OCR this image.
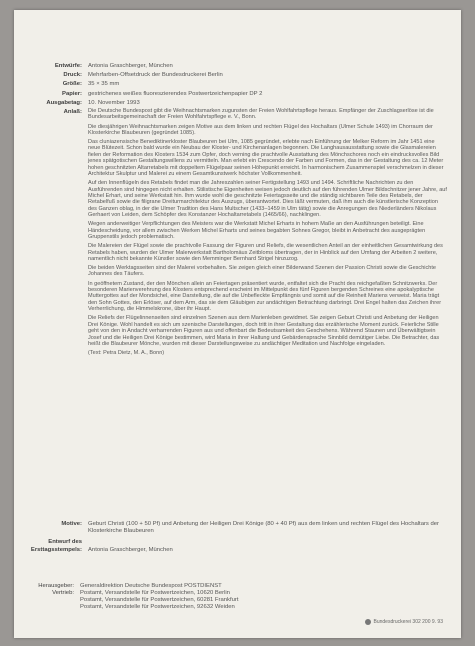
Entwürfe:	Antonia Graschberger, München
Druck:	Mehrfarben-Offsetdruck der Bundesdruckerei Berlin
Größe:	35 × 35 mm
Papier:	gestrichenes weißes fluoreszierendes Postwertzeichenpapier DP 2
Ausgabetag:	10. November 1993
Anlaß:	Die Deutsche Bundespost gibt die Weihnachtsmarken zugunsten der Freien Wohlfahrtspflege heraus. Empfänger der Zuschlagserlöse ist die Bundesarbeitsgemeinschaft der Freien Wohlfahrtspflege e. V., Bonn.

Die diesjährigen Weihnachtsmarken zeigen Motive aus dem linken und rechten Flügel des Hochaltars (Ulmer Schule 1493) im Chorraum der Klosterkirche Blaubeuren (gegründet 1085).

Das cluniazensische Benediktinerkloster Blaubeuren bei Ulm, 1085 gegründet, erlebte nach Einführung der Melker Reform im Jahr 1451 eine neue Blütezeit. Schon bald wurde ein Neubau der Kloster- und Kirchenanlagen begonnen. Die Langhausausstattung sowie die Glasmalereien fielen der Reformation des Klosters 1534 zum Opfer, doch verning die prachtvolle Ausstattung des Mönchschores noch ein eindrucksvolles Bild jenes spätgotischen Gestaltungswillens zu vermitteln. Man erlebt ein Crescendo der Farben und Formen, das in der Gestaltung des ca. 12 Meter hohen geschnitzten Altarretabels mit doppeltem Flügelpaar seinen Höhepunkt erreicht. In harmonischem Zusammenspiel verschmelzen in dieser Architektur Skulptur und Malerei zu einem Gesamtkunstwerk höchster Vollkommenheit.

Auf den Innenflügeln des Retabels findet man die Jahreszahlen seiner Fertigstellung 1493 und 1494. Schriftliche Nachrichten zu den Ausführenden sind hingegen nicht erhalten. Stilistische Eigenheiten weisen jedoch deutlich auf den führenden Ulmer Bildschnitzer jener Jahre, auf Michel Erhart, und seine Werkstatt hin. Ihm wurde wohl die geschnitzte Feiertagsseite und die ständig sichtbaren Teile des Retabels, der Retabelfuß sowie die filigrane Dreiturmarchitektur des Auszugs, überantwortet. Dies läßt vermuten, daß ihm auch die künstlerische Konzeption des Ganzen oblag, in der die Ulmer Tradition des Hans Multscher (1433–1459 in Ulm tätig) sowie die Anregungen des Niederländers Nikolaus Gerhaert von Leiden, dem Schöpfer des Konstanzer Hochaltarretabels (1465/66), nachklingen.

Wegen anderweitiger Verpflichtungen des Meisters war die Werkstatt Michel Erharts in hohem Maße an den Ausführungen beteiligt. Eine Händescheidung, vor allem zwischen Werken Michel Erharts und seines begabten Sohnes Gregor, bleibt in Anbetracht des ausgeprägten Gruppenstils jedoch problematisch.

Die Malereien der Flügel sowie die prachtvolle Fassung der Figuren und Reliefs, die wesentlichen Anteil an der einheitlichen Gesamtwirkung des Retabels haben, wurden der Ulmer Malerwerkstatt Bartholomäus Zeitbloms übertragen, der in Hinblick auf den Umfang der Arbeiten 2 weitere, namentlich nicht bekannte Künstler sowie den Memminger Bernhard Strigel hinzuzog.

Die beiden Werktagsseiten sind der Malerei vorbehalten. Sie zeigen gleich einer Bilderwand Szenen der Passion Christi sowie die Geschichte Johannes des Täufers.

In geöffnetem Zustand, der den Mönchen allein an Feiertagen präsentiert wurde, entfaltet sich die Pracht des reichgefaßten Schnitzwerks. Der besonderen Marienverehrung des Klosters entsprechend erscheint im Mittelpunkt des fünf Figuren bergenden Schreines eine apokalyptische Muttergottes auf der Mondsichel, eine Darstellung, die auf die Unbefleckte Empfängnis und somit auf die Reinheit Mariens verweist. Maria trägt den Sohn Gottes, den Erlöser, auf dem Arm, das sie dem Gläubigen zur andächtigen Betrachtung darbringt. Drei Engel halten das Zeichen ihrer Verherrlichung, die Himmelskrone, über ihr Haupt.

Die Reliefs der Flügelinnenseiten sind einzelnen Szenen aus dem Marienleben gewidmet. Sie zeigen Geburt Christi und Anbetung der Heiligen Drei Könige. Wohl handelt es sich um szenische Darstellungen, doch tritt in ihrer Gestaltung das erzählerische Moment zurück. Feierliche Stille geht von den in Andacht verharrenden Figuren aus und offenbart die Bedeutsamkeit des Geschehens. Während Staunen und Überwältigtsein Josef und die Heiligen Drei Könige bestimmen, wird Maria in ihrer Haltung und Gebärdensprache Sinnbild demütiger Liebe. Die Betrachter, das heißt die Blaubeurer Mönche, wurden mit dieser Darstellungsweise zu andächtiger Meditation und Nachfolge eingeladen.

(Text: Petra Dietz, M. A., Bonn)

Motive:	Geburt Christi (100 + 50 Pf) und Anbetung der Heiligen Drei Könige (80 + 40 Pf) aus dem linken und rechten Flügel des Hochaltars der Klosterkirche Blaubeuren
Entwurf des
Ersttagsstempels:	Antonia Graschberger, München
Herausgeber:	Generaldirektion Deutsche Bundespost POSTDIENST
Vertrieb:	Postamt, Versandstelle für Postwertzeichen, 10620 Berlin
Postamt, Versandstelle für Postwertzeichen, 60281 Frankfurt
Postamt, Versandstelle für Postwertzeichen, 92632 Weiden
Bundesdruckerei 302 200 9. 93
